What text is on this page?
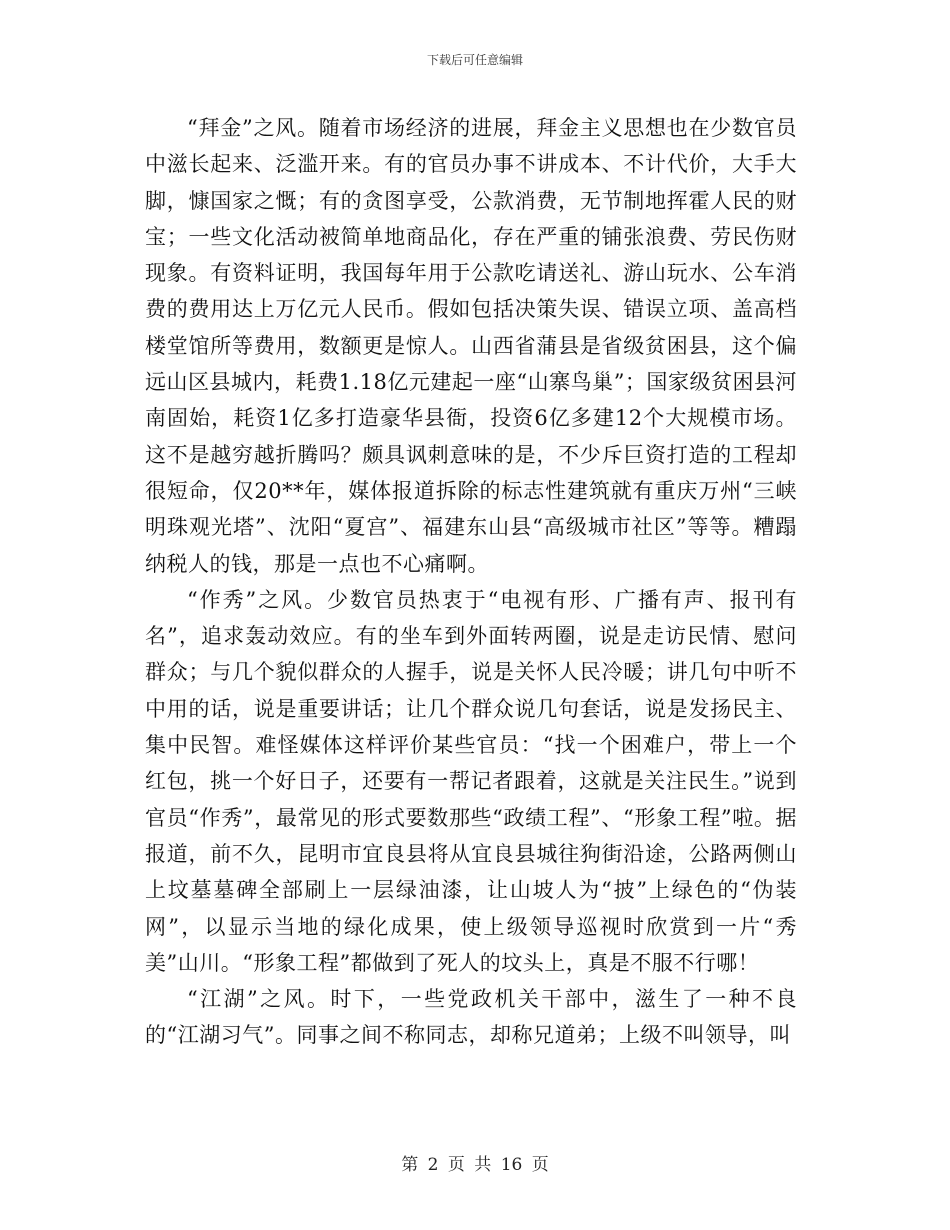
下载后可任意编辑

“拜金”之风。随着市场经济的进展，拜金主义思想也在少数官员中滋长起来、泛滥开来。有的官员办事不讲成本、不计代价，大手大脚，慷国家之慨；有的贪图享受，公款消费，无节制地挥霍人民的财宝；一些文化活动被简单地商品化，存在严重的铺张浪费、劳民伤财现象。有资料证明，我国每年用于公款吃请送礼、游山玩水、公车消费的费用达上万亿元人民币。假如包括决策失误、错误立项、盖高档楼堂馆所等费用，数额更是惊人。山西省蒲县是省级贫困县，这个偏远山区县城内，耗费1.18亿元建起一座“山寨鸟巢”；国家级贫困县河南固始，耗资1亿多打造豪华县衙，投资6亿多建12个大规模市场。这不是越穷越折腾吗？颇具讽刺意味的是，不少斥巨资打造的工程却很短命，仅20**年，媒体报道拆除的标志性建筑就有重庆万州“三峡明珠观光塔”、沈阳“夏宫”、福建东山县“高级城市社区”等等。糟蹋纳税人的钱，那是一点也不心痛啊。

“作秀”之风。少数官员热衷于“电视有形、广播有声、报刊有名”，追求轰动效应。有的坐车到外面转两圈，说是走访民情、慰问群众；与几个貌似群众的人握手，说是关怀人民冷暖；讲几句中听不中用的话，说是重要讲话；让几个群众说几句套话，说是发扬民主、集中民智。难怪媒体这样评价某些官员：“找一个困难户，带上一个红包，挑一个好日子，还要有一帮记者跟着，这就是关注民生。”说到官员“作秀”，最常见的形式要数那些“政绩工程”、“形象工程”啦。据报道，前不久，昆明市宜良县将从宜良县城往狗街沿途，公路两侧山上坟墓墓碑全部刷上一层绿油漆，让山坡人为“披”上绿色的“伪装网”，以显示当地的绿化成果，使上级领导巡视时欣赏到一片“秀美”山川。“形象工程”都做到了死人的坟头上，真是不服不行哪！

“江湖”之风。时下，一些党政机关干部中，滋生了一种不良的“江湖习气”。同事之间不称同志，却称兄道弟；上级不叫领导，叫

第 2 页 共 16 页
